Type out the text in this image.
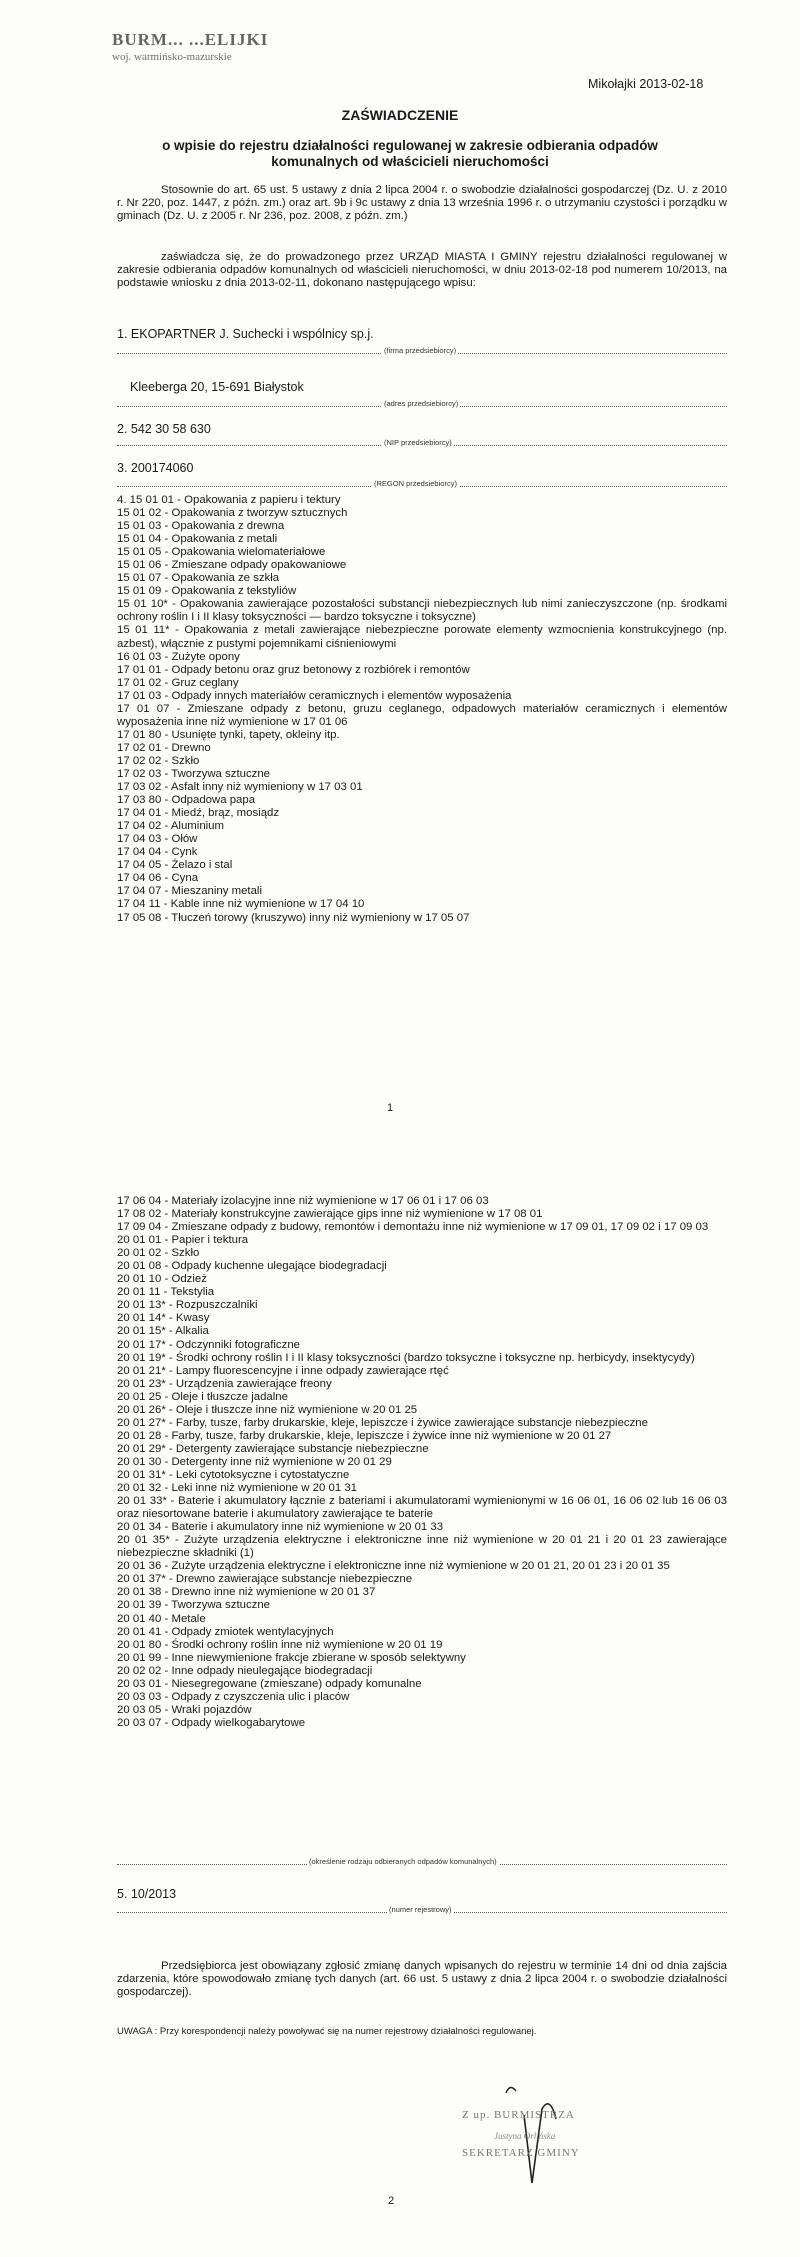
BURM... ...ELIJKI
woj. warmińsko-mazurskie
Mikołajki 2013-02-18
ZAŚWIADCZENIE
o wpisie do rejestru działalności regulowanej w zakresie odbierania odpadów komunalnych od właścicieli nieruchomości
Stosownie do art. 65 ust. 5 ustawy z dnia 2 lipca 2004 r. o swobodzie działalności gospodarczej (Dz. U. z 2010 r. Nr 220, poz. 1447, z późn. zm.) oraz art. 9b i 9c ustawy z dnia 13 września 1996 r. o utrzymaniu czystości i porządku w gminach (Dz. U. z 2005 r. Nr 236, poz. 2008, z późn. zm.)
zaświadcza się, że do prowadzonego przez URZĄD MIASTA I GMINY rejestru działalności regulowanej w zakresie odbierania odpadów komunalnych od właścicieli nieruchomości, w dniu 2013-02-18 pod numerem 10/2013, na podstawie wniosku z dnia 2013-02-11, dokonano następującego wpisu:
1. EKOPARTNER J. Suchecki i wspólnicy sp.j.
(firma przedsiebiorcy)
Kleeberga 20, 15-691 Białystok
(adres przedsiebiorcy)
2. 542 30 58 630
(NIP przedsiebiorcy)
3. 200174060
(REGON przedsiebiorcy)
4. 15 01 01 - Opakowania z papieru i tektury
15 01 02 - Opakowania z tworzyw sztucznych
15 01 03 - Opakowania z drewna
15 01 04 - Opakowania z metali
15 01 05 - Opakowania wielomateriałowe
15 01 06 - Zmieszane odpady opakowaniowe
15 01 07 - Opakowania ze szkła
15 01 09 - Opakowania z tekstyliów
15 01 10* - Opakowania zawierające pozostałości substancji niebezpiecznych lub nimi zanieczyszczone (np. środkami ochrony roślin I i II klasy toksyczności — bardzo toksyczne i toksyczne)
15 01 11* - Opakowania z metali zawierające niebezpieczne porowate elementy wzmocnienia konstrukcyjnego (np. azbest), włącznie z pustymi pojemnikami ciśnieniowymi
16 01 03 - Zużyte opony
17 01 01 - Odpady betonu oraz gruz betonowy z rozbiórek i remontów
17 01 02 - Gruz ceglany
17 01 03 - Odpady innych materiałów ceramicznych i elementów wyposażenia
17 01 07 - Zmieszane odpady z betonu, gruzu ceglanego, odpadowych materiałów ceramicznych i elementów wyposażenia inne niż wymienione w 17 01 06
17 01 80 - Usunięte tynki, tapety, okleiny itp.
17 02 01 - Drewno
17 02 02 - Szkło
17 02 03 - Tworzywa sztuczne
17 03 02 - Asfalt inny niż wymieniony w 17 03 01
17 03 80 - Odpadowa papa
17 04 01 - Miedź, brąz, mosiądz
17 04 02 - Aluminium
17 04 03 - Ołów
17 04 04 - Cynk
17 04 05 - Żelazo i stal
17 04 06 - Cyna
17 04 07 - Mieszaniny metali
17 04 11 - Kable inne niż wymienione w 17 04 10
17 05 08 - Tłuczeń torowy (kruszywo) inny niż wymieniony w 17 05 07
1
17 06 04 - Materiały izolacyjne inne niż wymienione w 17 06 01 i 17 06 03
17 08 02 - Materiały konstrukcyjne zawierające gips inne niż wymienione w 17 08 01
17 09 04 - Zmieszane odpady z budowy, remontów i demontażu inne niż wymienione w 17 09 01, 17 09 02 i 17 09 03
20 01 01 - Papier i tektura
20 01 02 - Szkło
20 01 08 - Odpady kuchenne ulegające biodegradacji
20 01 10 - Odzież
20 01 11 - Tekstylia
20 01 13* - Rozpuszczalniki
20 01 14* - Kwasy
20 01 15* - Alkalia
20 01 17* - Odczynniki fotograficzne
20 01 19* - Środki ochrony roślin I i II klasy toksyczności (bardzo toksyczne i toksyczne np. herbicydy, insektycydy)
20 01 21* - Lampy fluorescencyjne i inne odpady zawierające rtęć
20 01 23* - Urządzenia zawierające freony
20 01 25 - Oleje i tłuszcze jadalne
20 01 26* - Oleje i tłuszcze inne niż wymienione w 20 01 25
20 01 27* - Farby, tusze, farby drukarskie, kleje, lepiszcze i żywice zawierające substancje niebezpieczne
20 01 28 - Farby, tusze, farby drukarskie, kleje, lepiszcze i żywice inne niż wymienione w 20 01 27
20 01 29* - Detergenty zawierające substancje niebezpieczne
20 01 30 - Detergenty inne niż wymienione w 20 01 29
20 01 31* - Leki cytotoksyczne i cytostatyczne
20 01 32 - Leki inne niż wymienione w 20 01 31
20 01 33* - Baterie i akumulatory łącznie z bateriami i akumulatorami wymienionymi w 16 06 01, 16 06 02 lub 16 06 03 oraz niesortowane baterie i akumulatory zawierające te baterie
20 01 34 - Baterie i akumulatory inne niż wymienione w 20 01 33
20 01 35* - Zużyte urządzenia elektryczne i elektroniczne inne niż wymienione w 20 01 21 i 20 01 23 zawierające niebezpieczne składniki (1)
20 01 36 - Zużyte urządzenia elektryczne i elektroniczne inne niż wymienione w 20 01 21, 20 01 23 i 20 01 35
20 01 37* - Drewno zawierające substancje niebezpieczne
20 01 38 - Drewno inne niż wymienione w 20 01 37
20 01 39 - Tworzywa sztuczne
20 01 40 - Metale
20 01 41 - Odpady zmiotek wentylacyjnych
20 01 80 - Środki ochrony roślin inne niż wymienione w 20 01 19
20 01 99 - Inne niewymienione frakcje zbierane w sposób selektywny
20 02 02 - Inne odpady nieulegające biodegradacji
20 03 01 - Niesegregowane (zmieszane) odpady komunalne
20 03 03 - Odpady z czyszczenia ulic i placów
20 03 05 - Wraki pojazdów
20 03 07 - Odpady wielkogabarytowe
(określenie rodzaju odbieranych odpadów komunalnych)
5. 10/2013
(numer rejestrowy)
Przedsiębiorca jest obowiązany zgłosić zmianę danych wpisanych do rejestru w terminie 14 dni od dnia zajścia zdarzenia, które spowodowało zmianę tych danych (art. 66 ust. 5 ustawy z dnia 2 lipca 2004 r. o swobodzie działalności gospodarczej).
UWAGA : Przy korespondencji należy powoływać się na numer rejestrowy działalności regulowanej.
Z up. BURMISTRZA
Justyna Orlińska
SEKRETARZ GMINY
2
